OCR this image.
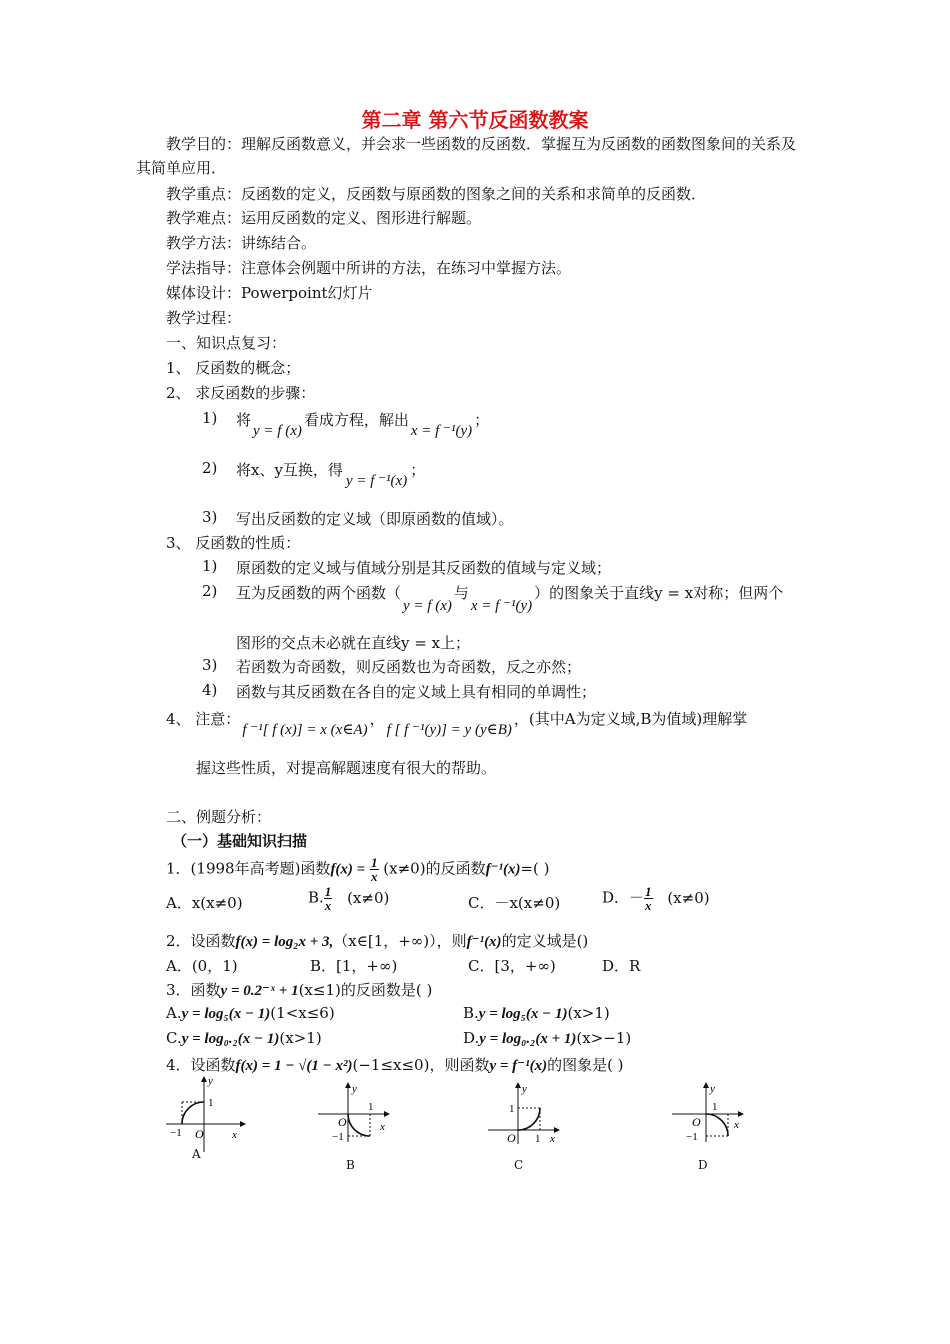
第二章 第六节反函数教案
教学目的：理解反函数意义，并会求一些函数的反函数．掌握互为反函数的函数图象间的关系及
其简单应用．
教学重点：反函数的定义，反函数与原函数的图象之间的关系和求简单的反函数．
教学难点：运用反函数的定义、图形进行解题。
教学方法：讲练结合。
学法指导：注意体会例题中所讲的方法，在练习中掌握方法。
媒体设计：Powerpoint幻灯片
教学过程：
一、知识点复习：
1、 反函数的概念；
2、 求反函数的步骤：
1) 将y = f (x)看成方程，解出x = f ⁻¹(y)；
2) 将x、y互换，得y = f ⁻¹(x)；
3) 写出反函数的定义域（即原函数的值域）。
3、 反函数的性质：
1) 原函数的定义域与值域分别是其反函数的值域与定义域；
2) 互为反函数的两个函数（y = f (x)与x = f ⁻¹(y)）的图象关于直线y = x对称；但两个
图形的交点未必就在直线y = x上；
3) 若函数为奇函数，则反函数也为奇函数，反之亦然；
4) 函数与其反函数在各自的定义域上具有相同的单调性；
4、 注意：f ⁻¹[ f (x)] = x (x∈A)，f [ f ⁻¹(y)] = y (y∈B)，(其中A为定义域,B为值域)理解掌
握这些性质，对提高解题速度有很大的帮助。
二、例题分析：
（一）基础知识扫描
1．(1998年高考题)函数$f(x) = \frac{1}{x} (x\ne 0)$的反函数f⁻¹(x)=( )
A．x(x≠0)	B. $\frac{1}{x} (x\ne 0)$	C．－x(x≠0)	D．－ $\frac{1}{x} (x\ne 0)$
2．设函数f(x) = log₂x + 3,（x∈[1，+∞)），则f⁻¹(x)的定义域是()
A．(0，1)	B．[1，+∞)	C．[3，+∞)	D．R
3．函数y = 0.2⁻ˣ + 1(x≤1)的反函数是( )
A.y = log₅(x − 1)(1<x≤6)	B.y = log₅(x − 1)(x>1)
C.y = log₀.₂(x − 1)(x>1)	D.y = log₀.₂(x + 1)(x>−1)
4．设函数f(x) = 1 − √(1 − x²)(−1≤x≤0)，则函数y = f⁻¹(x)的图象是( )
y
x
O
−1
1
A
y
x
O
1
−1
B
y
x
O
1
1
C
y
x
O
1
−1
D
